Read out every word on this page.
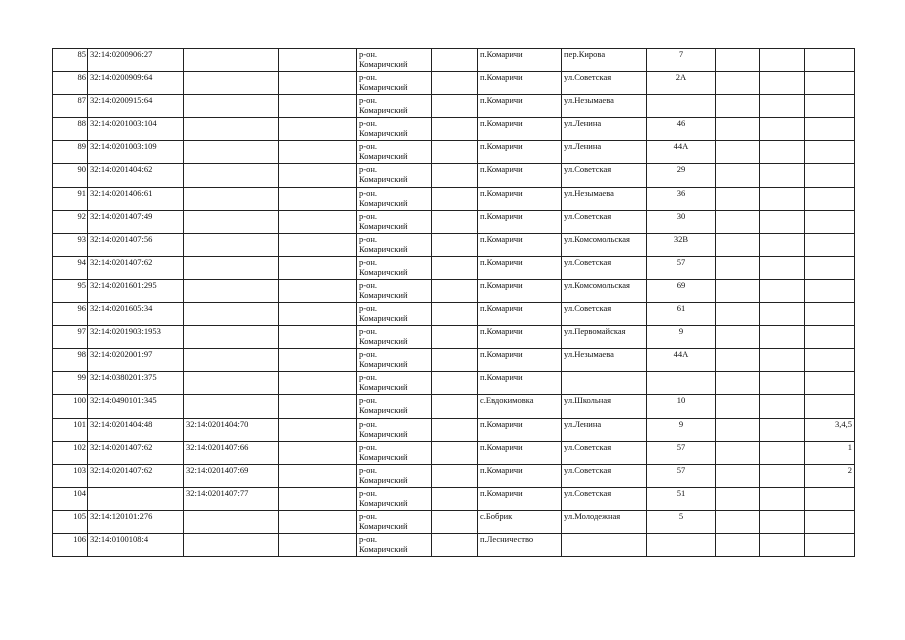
85	32:14:0200906:27			р-он.
Комаричский		п.Комаричи	пер.Кирова	7			
86	32:14:0200909:64			р-он.
Комаричский		п.Комаричи	ул.Советская	2А			
87	32:14:0200915:64			р-он.
Комаричский		п.Комаричи	ул.Незымаева				
88	32:14:0201003:104			р-он.
Комаричский		п.Комаричи	ул.Ленина	46			
89	32:14:0201003:109			р-он.
Комаричский		п.Комаричи	ул.Ленина	44А			
90	32:14:0201404:62			р-он.
Комаричский		п.Комаричи	ул.Советская	29			
91	32:14:0201406:61			р-он.
Комаричский		п.Комаричи	ул.Незымаева	36			
92	32:14:0201407:49			р-он.
Комаричский		п.Комаричи	ул.Советская	30			
93	32:14:0201407:56			р-он.
Комаричский		п.Комаричи	ул.Комсомольская	32В			
94	32:14:0201407:62			р-он.
Комаричский		п.Комаричи	ул.Советская	57			
95	32:14:0201601:295			р-он.
Комаричский		п.Комаричи	ул.Комсомольская	69			
96	32:14:0201605:34			р-он.
Комаричский		п.Комаричи	ул.Советская	61			
97	32:14:0201903:1953			р-он.
Комаричский		п.Комаричи	ул.Первомайская	9			
98	32:14:0202001:97			р-он.
Комаричский		п.Комаричи	ул.Незымаева	44А			
99	32:14:0380201:375			р-он.
Комаричский		п.Комаричи					
100	32:14:0490101:345			р-он.
Комаричский		с.Евдокимовка	ул.Школьная	10			
101	32:14:0201404:48	32:14:0201404:70		р-он.
Комаричский		п.Комаричи	ул.Ленина	9			3,4,5
102	32:14:0201407:62	32:14:0201407:66		р-он.
Комаричский		п.Комаричи	ул.Советская	57			1
103	32:14:0201407:62	32:14:0201407:69		р-он.
Комаричский		п.Комаричи	ул.Советская	57			2
104		32:14:0201407:77		р-он.
Комаричский		п.Комаричи	ул.Советская	51			
105	32:14:120101:276			р-он.
Комаричский		с.Бобрик	ул.Молодежная	5			
106	32:14:0100108:4			р-он.
Комаричский		п.Лесничество					
